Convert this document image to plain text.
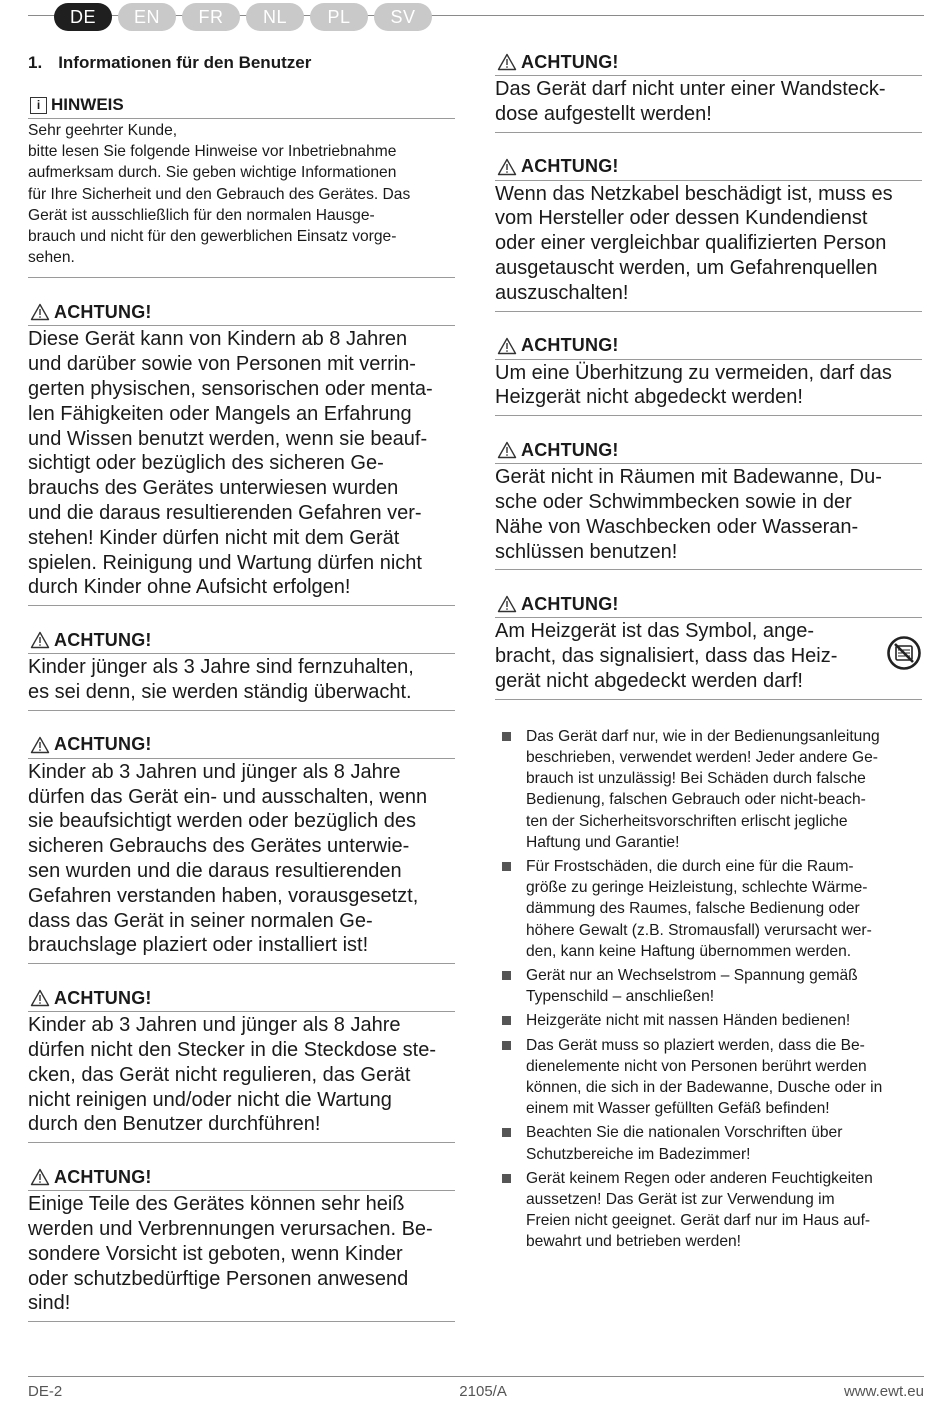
DE	EN	FR	NL	PL	SV
1. Informationen für den Benutzer
i HINWEIS
Sehr geehrter Kunde,
bitte lesen Sie folgende Hinweise vor Inbetriebnahme
aufmerksam durch. Sie geben wichtige Informationen
für Ihre Sicherheit und den Gebrauch des Gerätes. Das
Gerät ist ausschließlich für den normalen Hausge-
brauch und nicht für den gewerblichen Einsatz vorge-
sehen.
ACHTUNG!
Diese Gerät kann von Kindern ab 8 Jahren
und darüber sowie von Personen mit verrin-
gerten physischen, sensorischen oder menta-
len Fähigkeiten oder Mangels an Erfahrung
und Wissen benutzt werden, wenn sie beauf-
sichtigt oder bezüglich des sicheren Ge-
brauchs des Gerätes unterwiesen wurden
und die daraus resultierenden Gefahren ver-
stehen! Kinder dürfen nicht mit dem Gerät
spielen. Reinigung und Wartung dürfen nicht
durch Kinder ohne Aufsicht erfolgen!
ACHTUNG!
Kinder jünger als 3 Jahre sind fernzuhalten,
es sei denn, sie werden ständig überwacht.
ACHTUNG!
Kinder ab 3 Jahren und jünger als 8 Jahre
dürfen das Gerät ein- und ausschalten, wenn
sie beaufsichtigt werden oder bezüglich des
sicheren Gebrauchs des Gerätes unterwie-
sen wurden und die daraus resultierenden
Gefahren verstanden haben, vorausgesetzt,
dass das Gerät in seiner normalen Ge-
brauchslage plaziert oder installiert ist!
ACHTUNG!
Kinder ab 3 Jahren und jünger als 8 Jahre
dürfen nicht den Stecker in die Steckdose ste-
cken, das Gerät nicht regulieren, das Gerät
nicht reinigen und/oder nicht die Wartung
durch den Benutzer durchführen!
ACHTUNG!
Einige Teile des Gerätes können sehr heiß
werden und Verbrennungen verursachen. Be-
sondere Vorsicht ist geboten, wenn Kinder
oder schutzbedürftige Personen anwesend
sind!
ACHTUNG!
Das Gerät darf nicht unter einer Wandsteck-
dose aufgestellt werden!
ACHTUNG!
Wenn das Netzkabel beschädigt ist, muss es
vom Hersteller oder dessen Kundendienst
oder einer vergleichbar qualifizierten Person
ausgetauscht werden, um Gefahrenquellen
auszuschalten!
ACHTUNG!
Um eine Überhitzung zu vermeiden, darf das
Heizgerät nicht abgedeckt werden!
ACHTUNG!
Gerät nicht in Räumen mit Badewanne, Du-
sche oder Schwimmbecken sowie in der
Nähe von Waschbecken oder Wasseran-
schlüssen benutzen!
ACHTUNG!
Am Heizgerät ist das Symbol, ange-
bracht, das signalisiert, dass das Heiz-
gerät nicht abgedeckt werden darf!
Das Gerät darf nur, wie in der Bedienungsanleitung
beschrieben, verwendet werden! Jeder andere Ge-
brauch ist unzulässig! Bei Schäden durch falsche
Bedienung, falschen Gebrauch oder nicht-beach-
ten der Sicherheitsvorschriften erlischt jegliche
Haftung und Garantie!
Für Frostschäden, die durch eine für die Raum-
größe zu geringe Heizleistung, schlechte Wärme-
dämmung des Raumes, falsche Bedienung oder
höhere Gewalt (z.B. Stromausfall) verursacht wer-
den, kann keine Haftung übernommen werden.
Gerät nur an Wechselstrom – Spannung gemäß
Typenschild – anschließen!
Heizgeräte nicht mit nassen Händen bedienen!
Das Gerät muss so plaziert werden, dass die Be-
dienelemente nicht von Personen berührt werden
können, die sich in der Badewanne, Dusche oder in
einem mit Wasser gefüllten Gefäß befinden!
Beachten Sie die nationalen Vorschriften über
Schutzbereiche im Badezimmer!
Gerät keinem Regen oder anderen Feuchtigkeiten
aussetzen! Das Gerät ist zur Verwendung im
Freien nicht geeignet. Gerät darf nur im Haus auf-
bewahrt und betrieben werden!
DE-2	2105/A	www.ewt.eu
